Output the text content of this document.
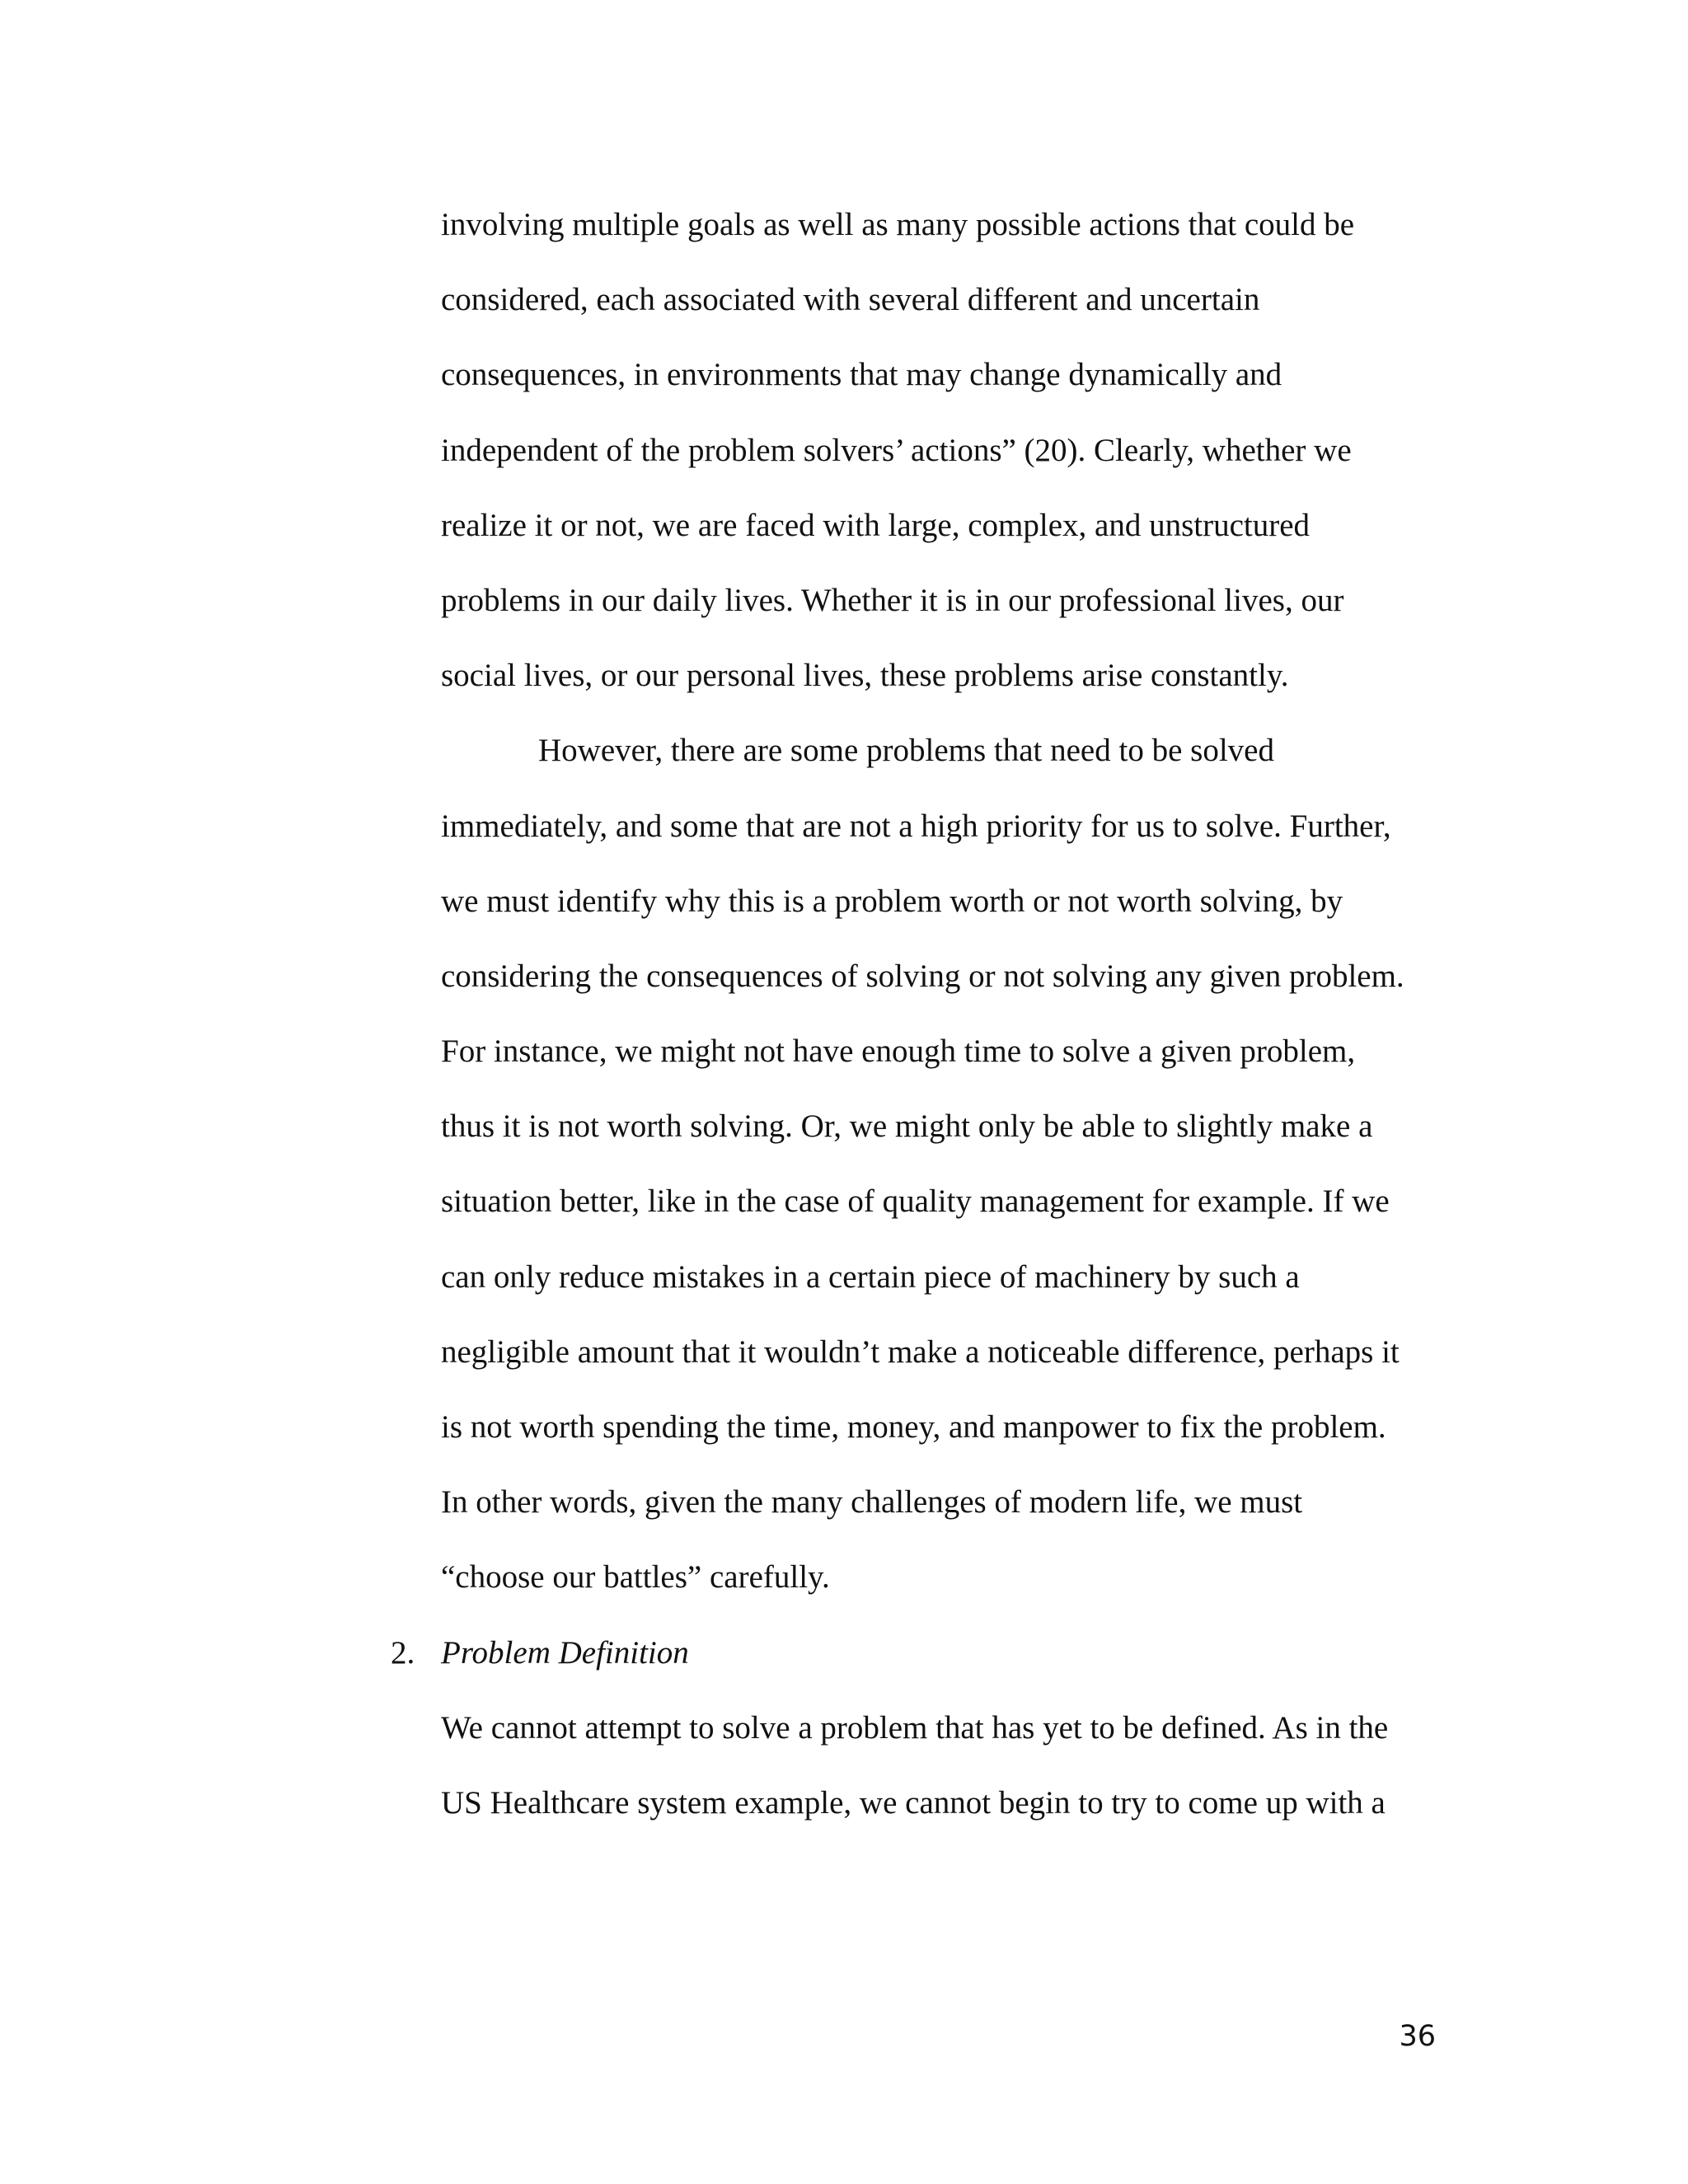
involving multiple goals as well as many possible actions that could be
considered, each associated with several different and uncertain
consequences, in environments that may change dynamically and
independent of the problem solvers’ actions” (20). Clearly, whether we
realize it or not, we are faced with large, complex, and unstructured
problems in our daily lives. Whether it is in our professional lives, our
social lives, or our personal lives, these problems arise constantly.
However, there are some problems that need to be solved
immediately, and some that are not a high priority for us to solve. Further,
we must identify why this is a problem worth or not worth solving, by
considering the consequences of solving or not solving any given problem.
For instance, we might not have enough time to solve a given problem,
thus it is not worth solving. Or, we might only be able to slightly make a
situation better, like in the case of quality management for example. If we
can only reduce mistakes in a certain piece of machinery by such a
negligible amount that it wouldn’t make a noticeable difference, perhaps it
is not worth spending the time, money, and manpower to fix the problem.
In other words, given the many challenges of modern life, we must
“choose our battles” carefully.
2. Problem Definition
We cannot attempt to solve a problem that has yet to be defined. As in the
US Healthcare system example, we cannot begin to try to come up with a
36
